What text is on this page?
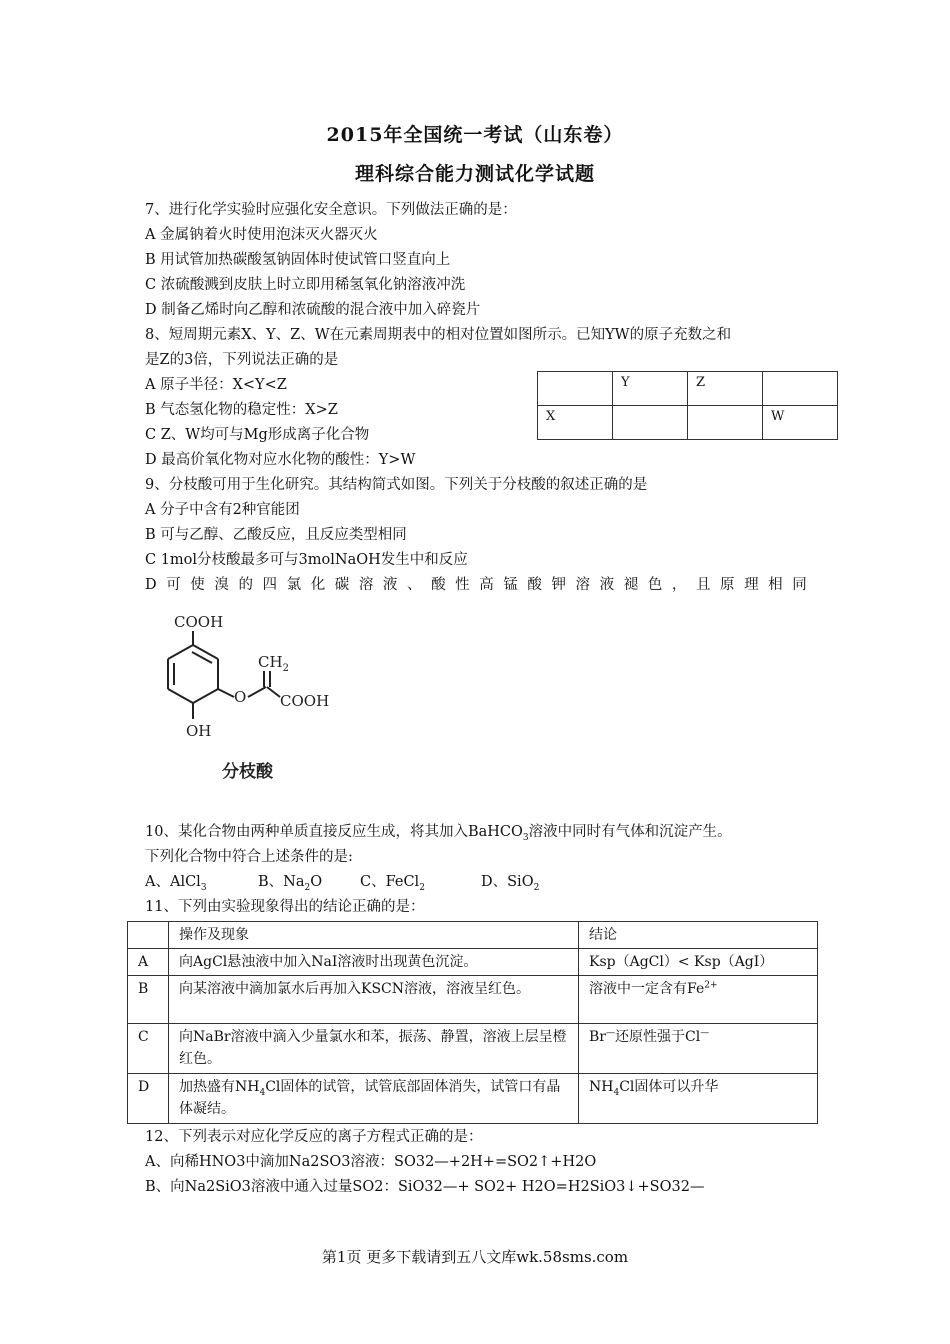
2015年全国统一考试（山东卷）
理科综合能力测试化学试题
7、进行化学实验时应强化安全意识。下列做法正确的是：
A 金属钠着火时使用泡沫灭火器灭火
B 用试管加热碳酸氢钠固体时使试管口竖直向上
C 浓硫酸溅到皮肤上时立即用稀氢氧化钠溶液冲洗
D 制备乙烯时向乙醇和浓硫酸的混合液中加入碎瓷片
8、短周期元素X、Y、Z、W在元素周期表中的相对位置如图所示。已知YW的原子充数之和
是Z的3倍，下列说法正确的是
A 原子半径：X<Y<Z
B 气态氢化物的稳定性：X>Z
C Z、W均可与Mg形成离子化合物
D 最高价氧化物对应水化物的酸性：Y>W
	Y	Z	
X			W
9、分枝酸可用于生化研究。其结构简式如图。下列关于分枝酸的叙述正确的是
A 分子中含有2种官能团
B 可与乙醇、乙酸反应，且反应类型相同
C 1mol分枝酸最多可与3molNaOH发生中和反应
D 可 使 溴 的 四 氯 化 碳 溶 液 、 酸 性 高 锰 酸 钾 溶 液 褪 色 ， 且 原 理 相 同
COOH
$CH_2$
O COOH
OH
分枝酸
10、某化合物由两种单质直接反应生成，将其加入BaHCO$_3$溶液中同时有气体和沉淀产生。
下列化合物中符合上述条件的是:
A、AlCl$_3$	B、$Na_2O$	C、FeCl$_2$	D、SiO$_2$
11、下列由实验现象得出的结论正确的是：
	操作及现象	结论
A	向AgCl悬浊液中加入NaI溶液时出现黄色沉淀。	Ksp（AgCl）< Ksp（AgI）
B	向某溶液中滴加氯水后再加入KSCN溶液，溶液呈红色。	溶液中一定含有$Fe^{2+}$
C	向NaBr溶液中滴入少量氯水和苯，振荡、静置，溶液上层呈橙红色。	Br—还原性强于Cl—
D	加热盛有$NH_4Cl$固体的试管，试管底部固体消失，试管口有晶体凝结。	$NH_4Cl$固体可以升华
12、下列表示对应化学反应的离子方程式正确的是：
A、向稀HNO3中滴加Na2SO3溶液：SO32—+2H+=SO2↑+H2O
B、向Na2SiO3溶液中通入过量SO2：SiO32—+ SO2+ H2O=H2SiO3↓+SO32—
第1页 更多下载请到五八文库wk.58sms.com
